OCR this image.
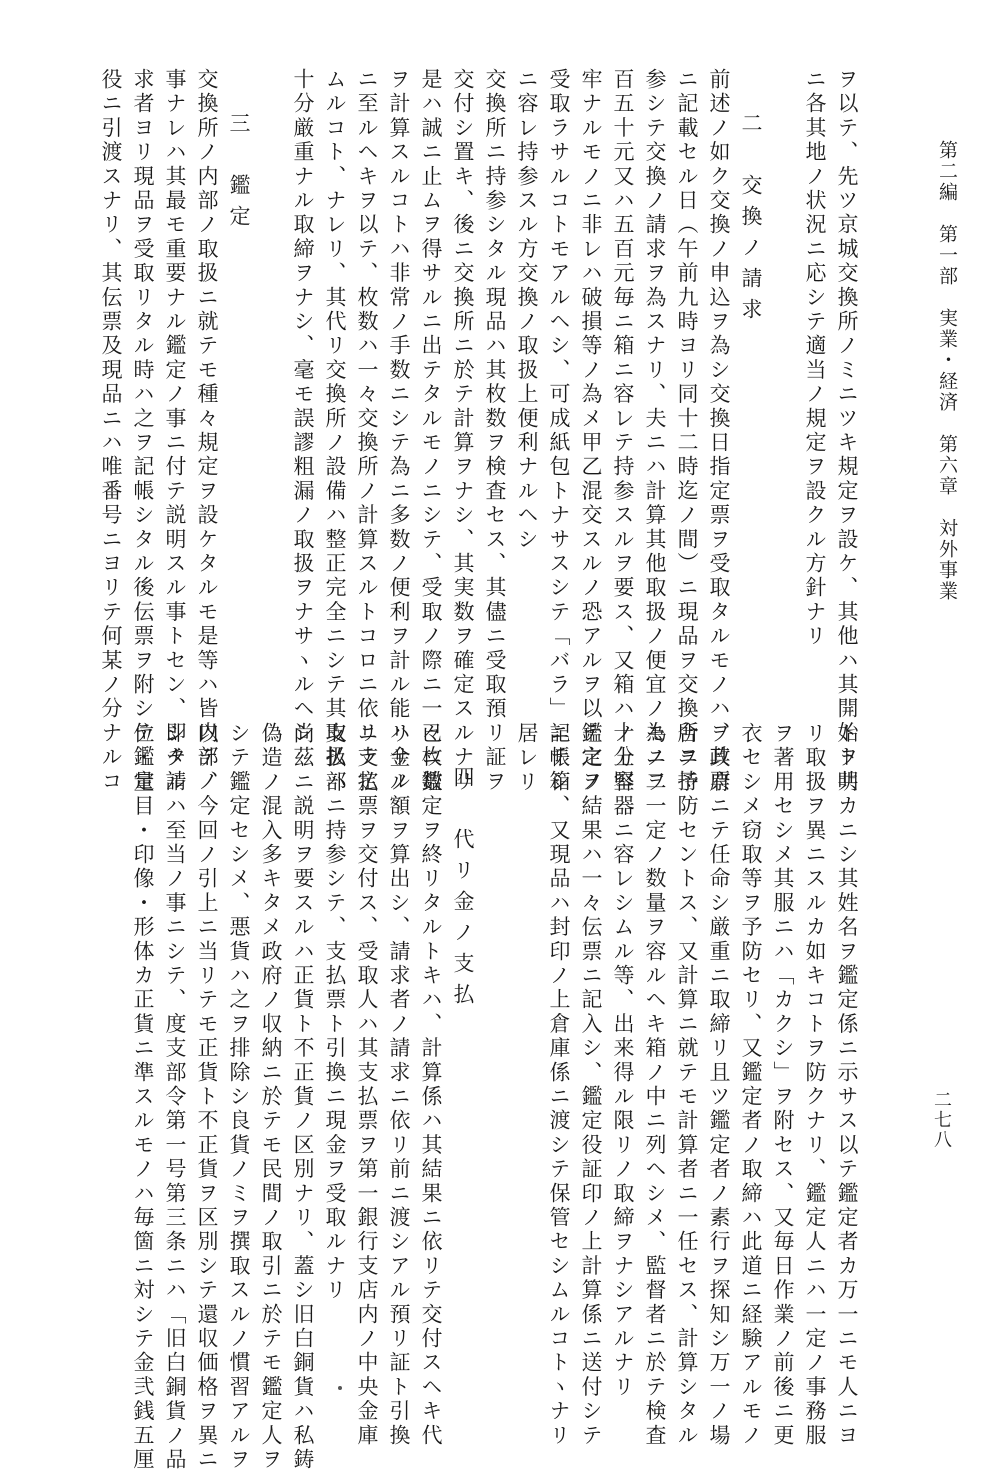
第二編　第一部　実業・経済　第六章　対外事業
二七八
ヲ以テ、先ツ京城交換所ノミニツキ規定ヲ設ケ、其他ハ其開始ト共
ニ各其地ノ状況ニ応シテ適当ノ規定ヲ設クル方針ナリ
二　交換ノ請求
前述ノ如ク交換ノ申込ヲ為シ交換日指定票ヲ受取タルモノハ、其票
ニ記載セル日（午前九時ヨリ同十二時迄ノ間）ニ現品ヲ交換所ニ持
参シテ交換ノ請求ヲ為スナリ、夫ニハ計算其他取扱ノ便宜ノ為ニ二
百五十元又ハ五百元毎ニ箱ニ容レテ持参スルヲ要ス、又箱ハ十分堅
牢ナルモノニ非レハ破損等ノ為メ甲乙混交スルノ恐アルヲ以テ之ヲ
受取ラサルコトモアルヘシ、可成紙包トナサスシテ「バラ」ニテ箱
ニ容レ持参スル方交換ノ取扱上便利ナルヘシ
交換所ニ持参シタル現品ハ其枚数ヲ検査セス、其儘ニ受取預リ証ヲ
交付シ置キ、後ニ交換所ニ於テ計算ヲナシ、其実数ヲ確定スルナリ
是ハ誠ニ止ムヲ得サルニ出テタルモノニシテ、受取ノ際ニ一々枚数
ヲ計算スルコトハ非常ノ手数ニシテ為ニ多数ノ便利ヲ計ル能ハサル
ニ至ルヘキヲ以テ、枚数ハ一々交換所ノ計算スルトコロニ依リテ定
ムルコト、ナレリ、其代リ交換所ノ設備ハ整正完全ニシテ其取扱ハ
十分厳重ナル取締ヲナシ、毫モ誤謬粗漏ノ取扱ヲナサヽルヘシ
三　鑑定
交換所ノ内部ノ取扱ニ就テモ種々規定ヲ設ケタルモ是等ハ皆内部ノ
事ナレハ其最モ重要ナル鑑定ノ事ニ付テ説明スル事トセン、即チ請
求者ヨリ現品ヲ受取リタル時ハ之ヲ記帳シタル後伝票ヲ附シテ鑑定
役ニ引渡スナリ、其伝票及現品ニハ唯番号ニヨリテ何某ノ分ナルコ
トヲ明カニシ其姓名ヲ鑑定係ニ示サス以テ鑑定者カ万一ニモ人ニヨ
リ取扱ヲ異ニスルカ如キコトヲ防クナリ、鑑定人ニハ一定ノ事務服
ヲ著用セシメ其服ニハ「カクシ」ヲ附セス、又毎日作業ノ前後ニ更
衣セシメ窃取等ヲ予防セリ、又鑑定者ノ取締ハ此道ニ経験アルモノ
ヲ政府ニテ任命シ厳重ニ取締リ且ツ鑑定者ノ素行ヲ探知シ万一ノ場
合ヲ予防セントス、又計算ニ就テモ計算者ニ一任セス、計算シタル
モノヲ一定ノ数量ヲ容ルヘキ箱ノ中ニ列ヘシメ、監督者ニ於テ検査
ノ上容器ニ容レシムル等、出来得ル限リノ取締ヲナシアルナリ
鑑定ノ結果ハ一々伝票ニ記入シ、鑑定役証印ノ上計算係ニ送付シテ
記帳シ、又現品ハ封印ノ上倉庫係ニ渡シテ保管セシムルコトヽナリ
居レリ
四　代リ金ノ支払
已ニ鑑定ヲ終リタルトキハ、計算係ハ其結果ニ依リテ交付スヘキ代
リ金ノ額ヲ算出シ、請求者ノ請求ニ依リ前ニ渡シアル預リ証ト引換
ニ支払票ヲ交付ス、受取人ハ其支払票ヲ第一銀行支店内ノ中央金庫
支払部ニ持参シテ、支払票ト引換ニ現金ヲ受取ルナリ
尚茲ニ説明ヲ要スルハ正貨ト不正貨ノ区別ナリ、蓋シ旧白銅貨ハ私鋳
偽造ノ混入多キタメ政府ノ収納ニ於テモ民間ノ取引ニ於テモ鑑定人ヲ
シテ鑑定セシメ、悪貨ハ之ヲ排除シ良貨ノミヲ撰取スルノ慣習アルヲ
以テ、今回ノ引上ニ当リテモ正貨ト不正貨ヲ区別シテ還収価格ヲ異ニ
シタルハ至当ノ事ニシテ、度支部令第一号第三条ニハ「旧白銅貨ノ品
位・量目・印像・形体カ正貨ニ準スルモノハ毎箇ニ対シテ金弐銭五厘
